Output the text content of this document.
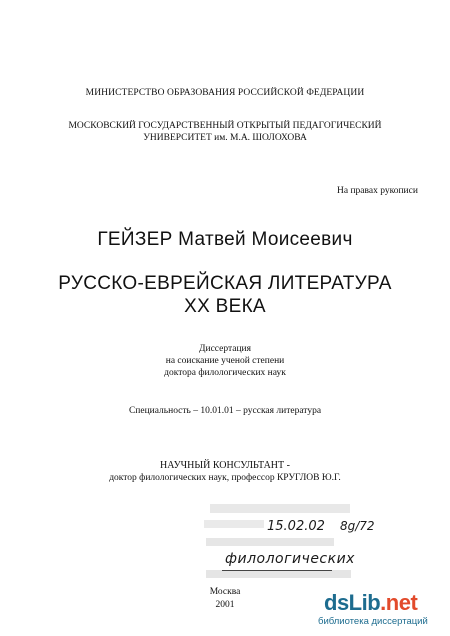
МИНИСТЕРСТВО ОБРАЗОВАНИЯ РОССИЙСКОЙ ФЕДЕРАЦИИ
МОСКОВСКИЙ ГОСУДАРСТВЕННЫЙ ОТКРЫТЫЙ ПЕДАГОГИЧЕСКИЙ
УНИВЕРСИТЕТ им. М.А. ШОЛОХОВА
На правах рукописи
ГЕЙЗЕР Матвей Моисеевич
РУССКО-ЕВРЕЙСКАЯ ЛИТЕРАТУРА
XX ВЕКА
Диссертация
на соискание ученой степени
доктора филологических наук
Специальность – 10.01.01 – русская литература
НАУЧНЫЙ КОНСУЛЬТАНТ -
доктор филологических наук, профессор КРУГЛОВ Ю.Г.
15.02.02 8g/72
филологических
Москва
2001	dsLib.net
библиотека диссертаций
